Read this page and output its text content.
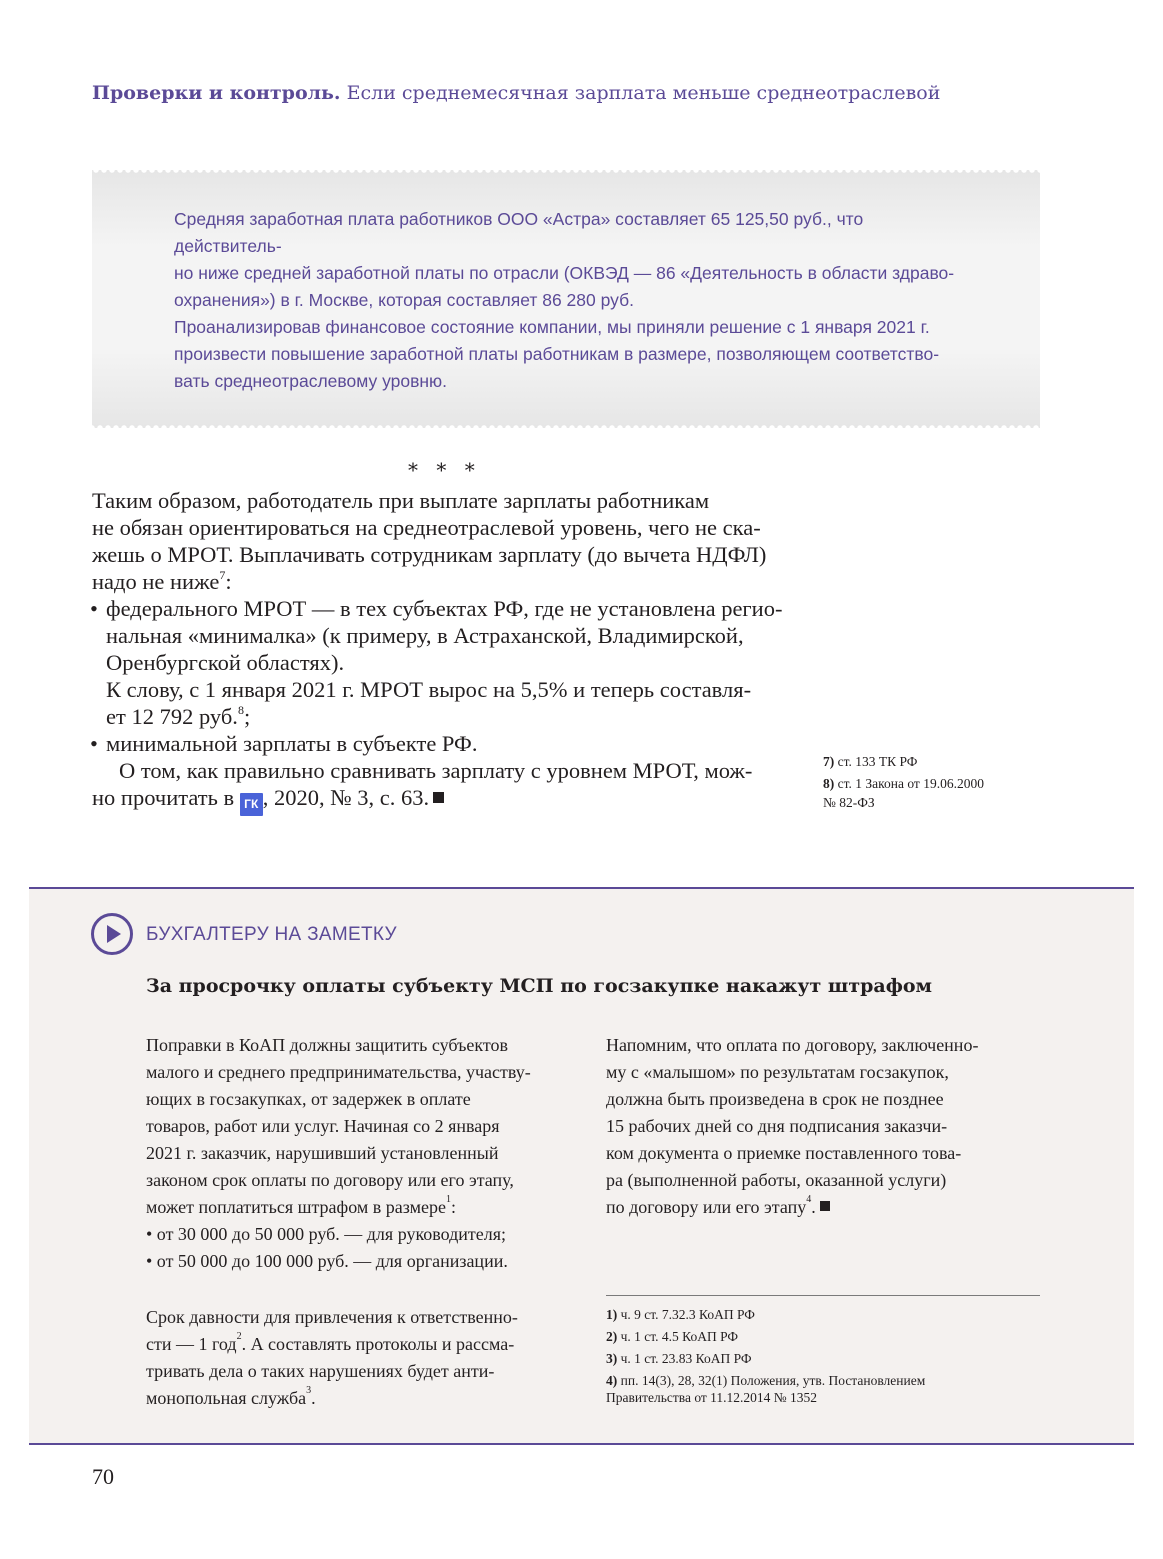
Проверки и контроль. Если среднемесячная зарплата меньше среднеотраслевой

Средняя заработная плата работников ООО «Астра» составляет 65 125,50 руб., что действитель-

но ниже средней заработной платы по отрасли (ОКВЭД — 86 «Деятельность в области здраво-

охранения») в г. Москве, которая составляет 86 280 руб.

Проанализировав финансовое состояние компании, мы приняли решение с 1 января 2021 г.

произвести повышение заработной платы работникам в размере, позволяющем соответство-

вать среднеотраслевому уровню.

* * *
Таким образом, работодатель при выплате зарплаты работникам
не обязан ориентироваться на среднеотраслевой уровень, чего не ска-
жешь о МРОТ. Выплачивать сотрудникам зарплату (до вычета НДФЛ)
надо не ниже$^7$:
• федерального МРОТ — в тех субъектах РФ, где не установлена регио-
нальная «минималка» (к примеру, в Астраханской, Владимирской,
Оренбургской областях).
К слову, с 1 января 2021 г. МРОТ вырос на 5,5% и теперь составля-
ет 12 792 руб.$^8$;
• минимальной зарплаты в субъекте РФ.
О том, как правильно сравнивать зарплату с уровнем МРОТ, мож-
но прочитать в ГК , 2020, № 3, с. 63.
7) ст. 133 ТК РФ
8) ст. 1 Закона от 19.06.2000
№ 82-ФЗ
БУХГАЛТЕРУ НА ЗАМЕТКУ
За просрочку оплаты субъекту МСП по госзакупке накажут штрафом
Поправки в КоАП должны защитить субъектов
малого и среднего предпринимательства, участву-
ющих в госзакупках, от задержек в оплате
товаров, работ или услуг. Начиная со 2 января
2021 г. заказчик, нарушивший установленный
законом срок оплаты по договору или его этапу,
может поплатиться штрафом в размере$^1$:
• от 30 000 до 50 000 руб. — для руководителя;
• от 50 000 до 100 000 руб. — для организации.
Срок давности для привлечения к ответственно-
сти — 1 год$^2$. А составлять протоколы и рассма-
тривать дела о таких нарушениях будет анти-
монопольная служба$^3$.
Напомним, что оплата по договору, заключенно-
му с «малышом» по результатам госзакупок,
должна быть произведена в срок не позднее
15 рабочих дней со дня подписания заказчи-
ком документа о приемке поставленного това-
ра (выполненной работы, оказанной услуги)
по договору или его этапу$^4$.
1) ч. 9 ст. 7.32.3 КоАП РФ
2) ч. 1 ст. 4.5 КоАП РФ
3) ч. 1 ст. 23.83 КоАП РФ
4) пп. 14(3), 28, 32(1) Положения, утв. Постановлением
Правительства от 11.12.2014 № 1352
70
